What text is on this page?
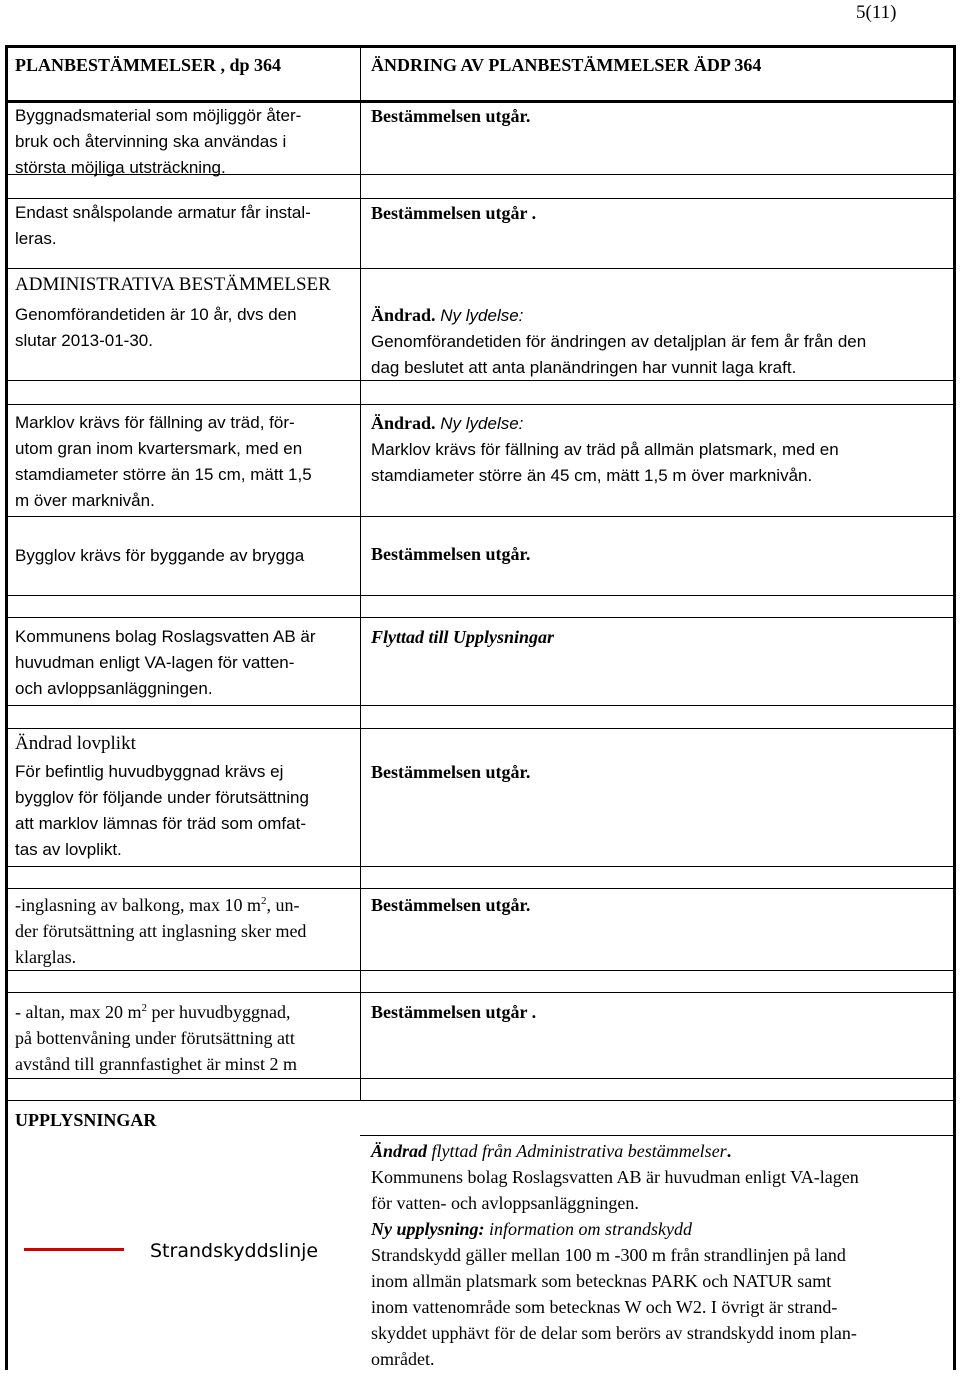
5(11)
PLANBESTÄMMELSER , dp 364	ÄNDRING AV PLANBESTÄMMELSER ÄDP 364
Byggnadsmaterial som möjliggör åter-
bruk och återvinning ska användas i
största möjliga utsträckning.
Bestämmelsen utgår.
Endast snålspolande armatur får instal-
leras.
Bestämmelsen utgår .
ADMINISTRATIVA BESTÄMMELSER
Genomförandetiden är 10 år, dvs den
slutar 2013-01-30.
Ändrad. Ny lydelse:
Genomförandetiden för ändringen av detaljplan är fem år från den
dag beslutet att anta planändringen har vunnit laga kraft.
Marklov krävs för fällning av träd, för-
utom gran inom kvartersmark, med en
stamdiameter större än 15 cm, mätt 1,5
m över marknivån.
Ändrad. Ny lydelse:
Marklov krävs för fällning av träd på allmän platsmark, med en
stamdiameter större än 45 cm, mätt 1,5 m över marknivån.
Bygglov krävs för byggande av brygga	Bestämmelsen utgår.
Kommunens bolag Roslagsvatten AB är
huvudman enligt VA-lagen för vatten-
och avloppsanläggningen.
Flyttad till Upplysningar
Ändrad lovplikt
För befintlig huvudbyggnad krävs ej
bygglov för följande under förutsättning
att marklov lämnas för träd som omfat-
tas av lovplikt.
Bestämmelsen utgår.
-inglasning av balkong, max 10 $m^2$, un-
der förutsättning att inglasning sker med
klarglas.
Bestämmelsen utgår.
- altan, max 20 $m^2$ per huvudbyggnad,
på bottenvåning under förutsättning att
avstånd till grannfastighet är minst 2 m
Bestämmelsen utgår .
UPPLYSNINGAR
Ändrad flyttad från Administrativa bestämmelser.
Kommunens bolag Roslagsvatten AB är huvudman enligt VA-lagen
för vatten- och avloppsanläggningen.
Ny upplysning: information om strandskydd
Strandskydd gäller mellan 100 m -300 m från strandlinjen på land
inom allmän platsmark som betecknas PARK och NATUR samt
inom vattenområde som betecknas W och W2. I övrigt är strand-
skyddet upphävt för de delar som berörs av strandskydd inom plan-
området.
Strandskyddslinje
